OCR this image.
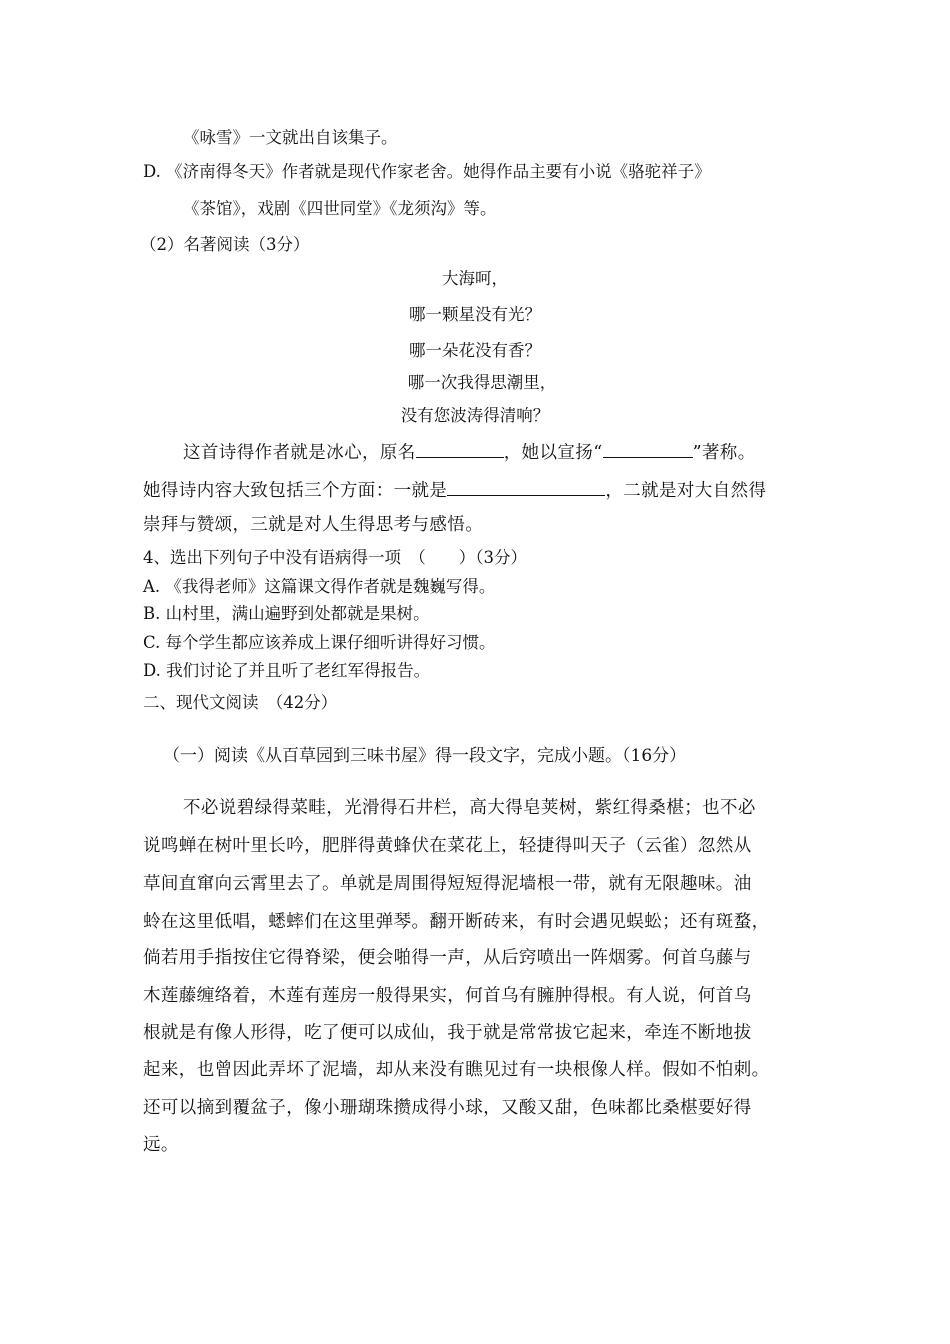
《咏雪》一文就出自该集子。

D. 《济南得冬天》作者就是现代作家老舍。她得作品主要有小说《骆驼祥子》

《茶馆》，戏剧《四世同堂》《龙须沟》等。

（2）名著阅读（3分）

大海呵，

哪一颗星没有光？

哪一朵花没有香？

哪一次我得思潮里，

没有您波涛得清响？

这首诗得作者就是冰心，原名	，她以宣扬“	”著称。

她得诗内容大致包括三个方面：一就是	，二就是对大自然得

崇拜与赞颂，三就是对人生得思考与感悟。

4、选出下列句子中没有语病得一项　（　　）（3分）

A. 《我得老师》这篇课文得作者就是魏巍写得。

B. 山村里，满山遍野到处都就是果树。

C. 每个学生都应该养成上课仔细听讲得好习惯。

D. 我们讨论了并且听了老红军得报告。

二、现代文阅读　（42分）

（一）阅读《从百草园到三味书屋》得一段文字，完成小题。（16分）

不必说碧绿得菜畦，光滑得石井栏，高大得皂荚树，紫红得桑椹；也不必

说鸣蝉在树叶里长吟，肥胖得黄蜂伏在菜花上，轻捷得叫天子（云雀）忽然从

草间直窜向云霄里去了。单就是周围得短短得泥墙根一带，就有无限趣味。油

蛉在这里低唱，蟋蟀们在这里弹琴。翻开断砖来，有时会遇见蜈蚣；还有斑蝥，

倘若用手指按住它得脊梁，便会啪得一声，从后窍喷出一阵烟雾。何首乌藤与

木莲藤缠络着，木莲有莲房一般得果实，何首乌有臃肿得根。有人说，何首乌

根就是有像人形得，吃了便可以成仙，我于就是常常拔它起来，牵连不断地拔

起来，也曾因此弄坏了泥墙，却从来没有瞧见过有一块根像人样。假如不怕刺。

还可以摘到覆盆子，像小珊瑚珠攒成得小球，又酸又甜，色味都比桑椹要好得

远。
